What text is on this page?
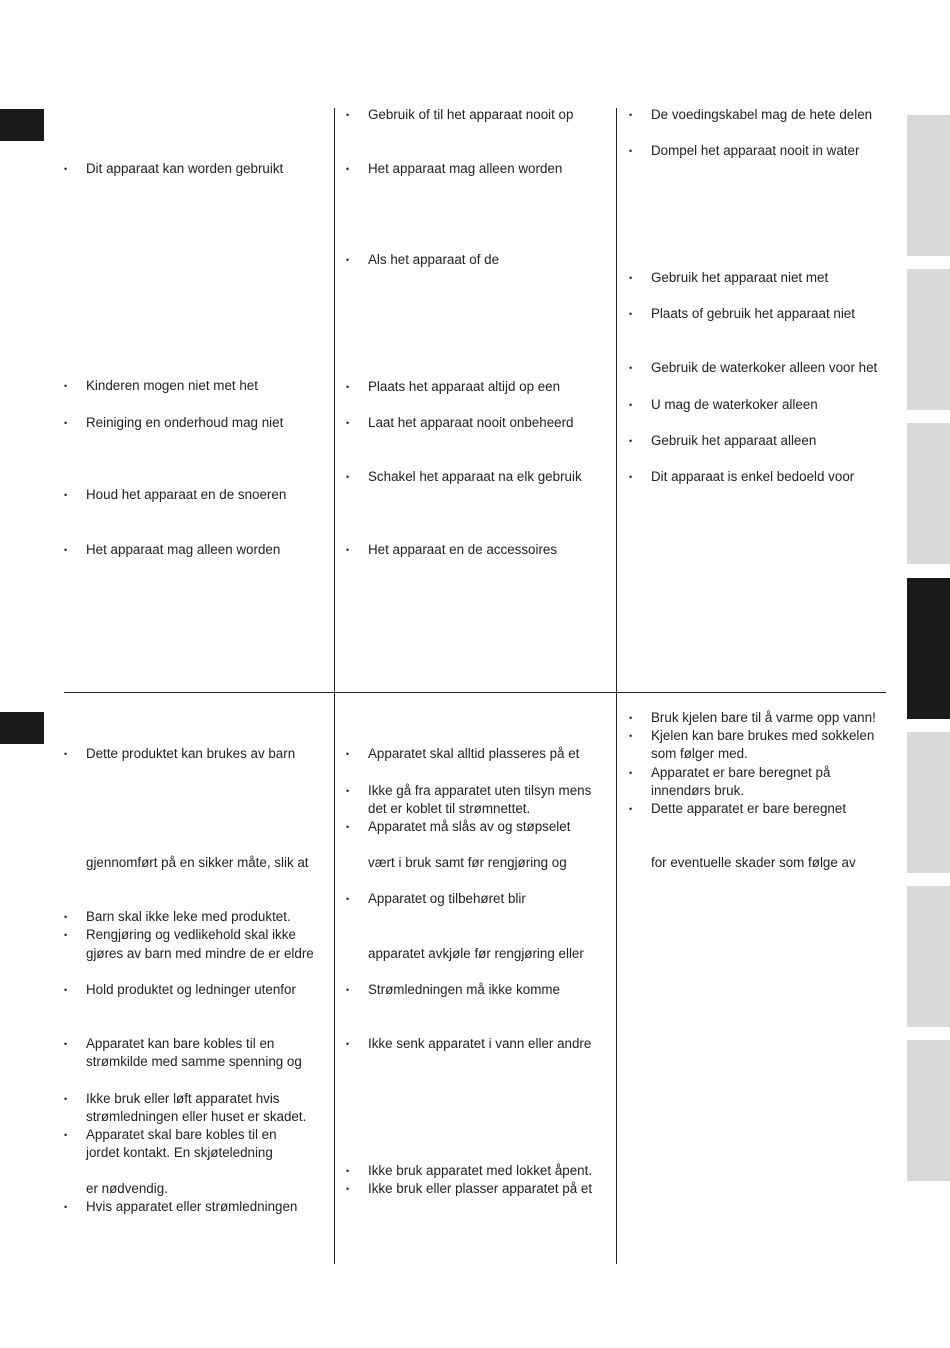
• Dit apparaat kan worden gebruikt
• Kinderen mogen niet met het
• Reiniging en onderhoud mag niet
• Houd het apparaat en de snoeren
• Het apparaat mag alleen worden
• Gebruik of til het apparaat nooit op
• Het apparaat mag alleen worden
• Als het apparaat of de
• Plaats het apparaat altijd op een
• Laat het apparaat nooit onbeheerd
• Schakel het apparaat na elk gebruik
• Het apparaat en de accessoires
• De voedingskabel mag de hete delen
• Dompel het apparaat nooit in water
• Gebruik het apparaat niet met
• Plaats of gebruik het apparaat niet
• Gebruik de waterkoker alleen voor het
• U mag de waterkoker alleen
• Gebruik het apparaat alleen
• Dit apparaat is enkel bedoeld voor
• Dette produktet kan brukes av barn
gjennomført på en sikker måte, slik at
• Barn skal ikke leke med produktet.
• Rengjøring og vedlikehold skal ikke
gjøres av barn med mindre de er eldre
• Hold produktet og ledninger utenfor
• Apparatet kan bare kobles til en
strømkilde med samme spenning og
• Ikke bruk eller løft apparatet hvis
strømledningen eller huset er skadet.
• Apparatet skal bare kobles til en
jordet kontakt. En skjøteledning
er nødvendig.
• Hvis apparatet eller strømledningen
• Apparatet skal alltid plasseres på et
• Ikke gå fra apparatet uten tilsyn mens
det er koblet til strømnettet.
• Apparatet må slås av og støpselet
vært i bruk samt før rengjøring og
• Apparatet og tilbehøret blir
apparatet avkjøle før rengjøring eller
• Strømledningen må ikke komme
• Ikke senk apparatet i vann eller andre
• Ikke bruk apparatet med lokket åpent.
• Ikke bruk eller plasser apparatet på et
• Bruk kjelen bare til å varme opp vann!
• Kjelen kan bare brukes med sokkelen
som følger med.
• Apparatet er bare beregnet på
innendørs bruk.
• Dette apparatet er bare beregnet
for eventuelle skader som følge av
